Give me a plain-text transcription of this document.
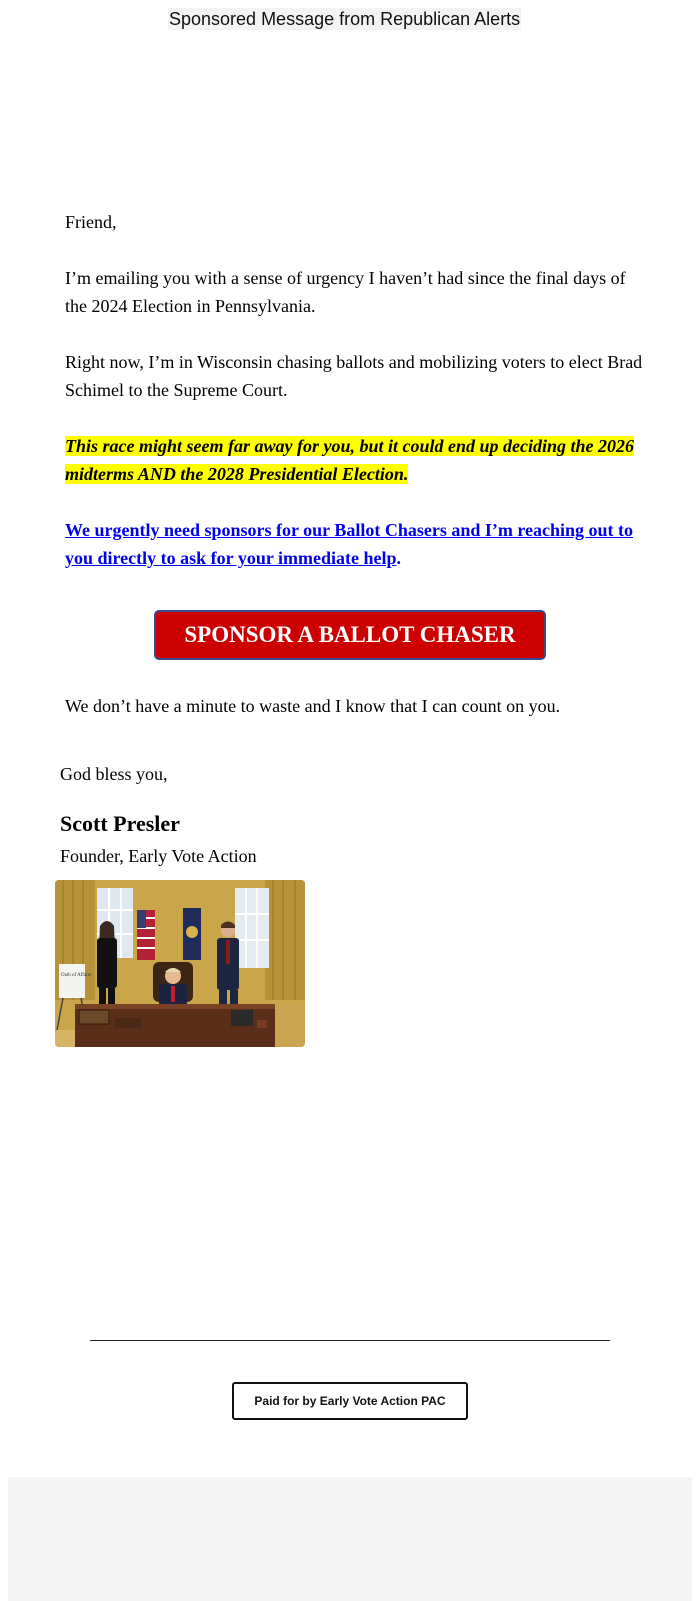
Sponsored Message from Republican Alerts

Friend,

I’m emailing you with a sense of urgency I haven’t had since the final days of the 2024 Election in Pennsylvania.

Right now, I’m in Wisconsin chasing ballots and mobilizing voters to elect Brad Schimel to the Supreme Court.

This race might seem far away for you, but it could end up deciding the 2026 midterms AND the 2028 Presidential Election.

We urgently need sponsors for our Ballot Chasers and I’m reaching out to you directly to ask for your immediate help.

SPONSOR A BALLOT CHASER

We don’t have a minute to waste and I know that I can count on you.

God bless you,
Scott Presler
Founder, Early Vote Action
Oath of Affairs
Paid for by Early Vote Action PAC
